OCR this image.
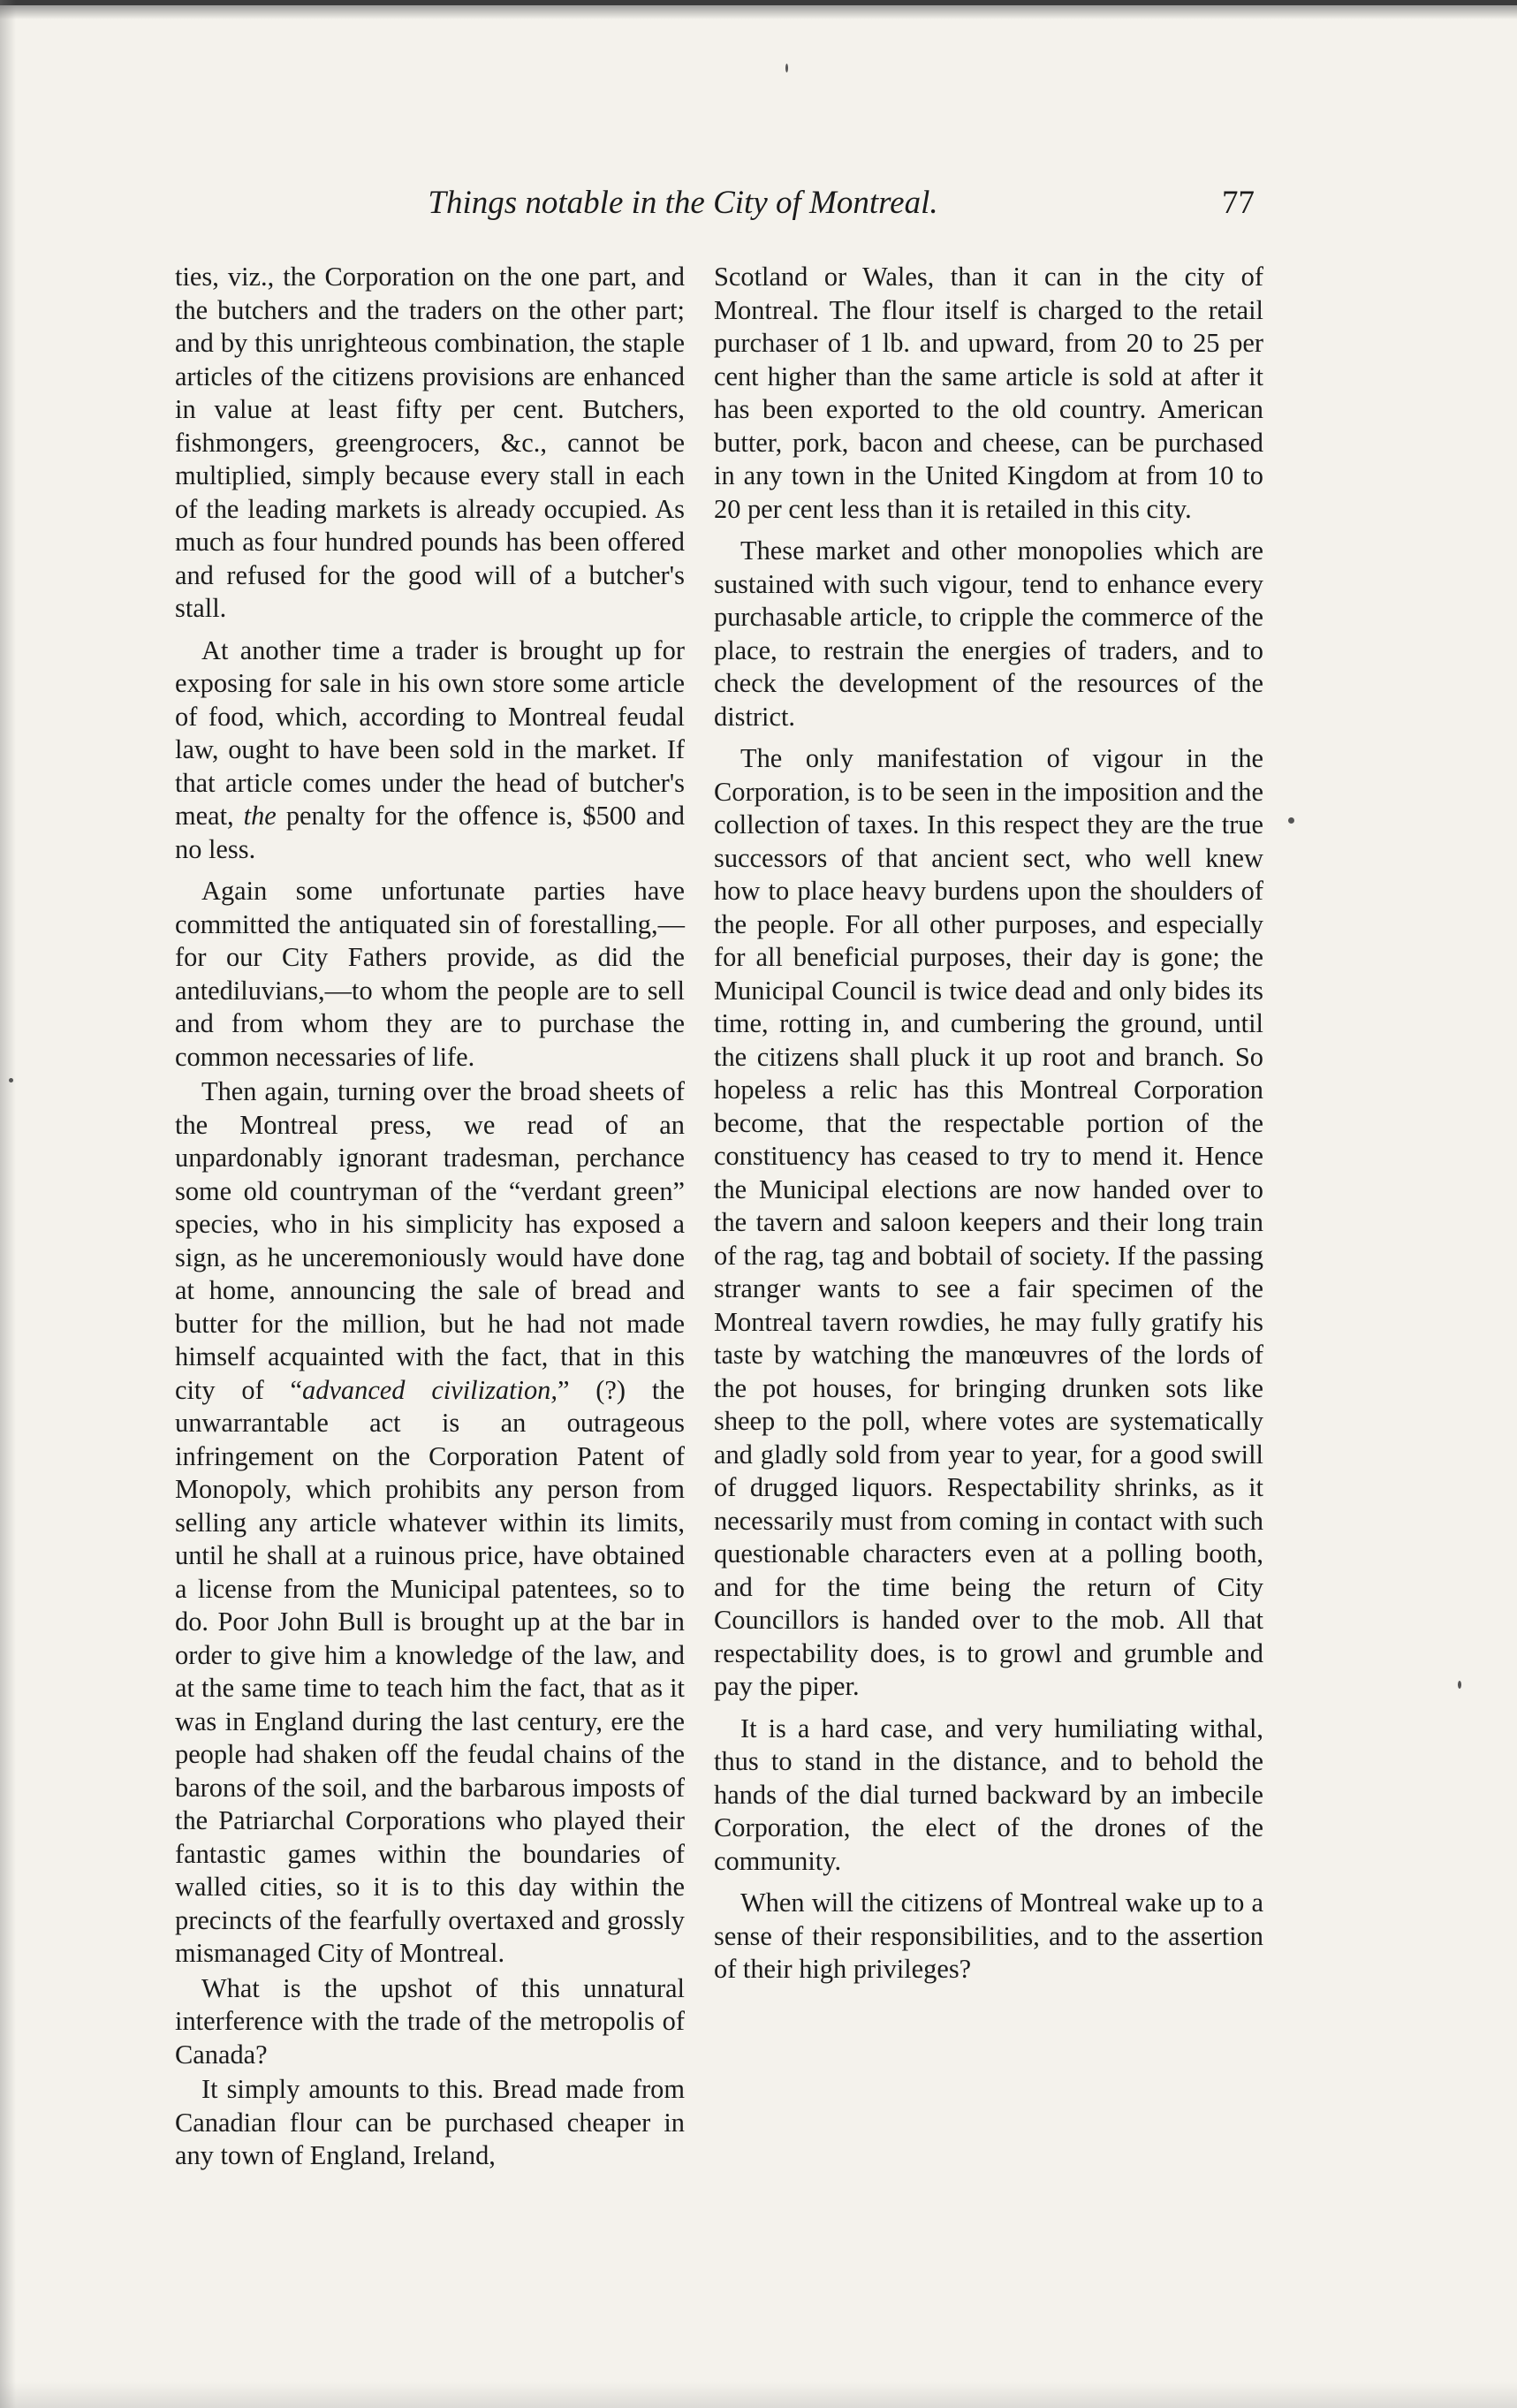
Things notable in the City of Montreal.	77

ties, viz., the Corporation on the one part, and the butchers and the traders on the other part; and by this unrighteous combination, the staple articles of the citizens provisions are enhanced in value at least fifty per cent. Butchers, fishmongers, greengrocers, &c., cannot be multiplied, simply because every stall in each of the leading markets is already occupied. As much as four hundred pounds has been offered and refused for the good will of a butcher's stall.

At another time a trader is brought up for exposing for sale in his own store some article of food, which, according to Montreal feudal law, ought to have been sold in the market. If that article comes under the head of butcher's meat, the penalty for the offence is, $500 and no less.

Again some unfortunate parties have committed the antiquated sin of forestalling,—for our City Fathers provide, as did the antediluvians,—to whom the people are to sell and from whom they are to purchase the common necessaries of life.

Then again, turning over the broad sheets of the Montreal press, we read of an unpardonably ignorant tradesman, perchance some old countryman of the “verdant green” species, who in his simplicity has exposed a sign, as he unceremoniously would have done at home, announcing the sale of bread and butter for the million, but he had not made himself acquainted with the fact, that in this city of “advanced civilization,” (?) the unwarrantable act is an outrageous infringement on the Corporation Patent of Monopoly, which prohibits any person from selling any article whatever within its limits, until he shall at a ruinous price, have obtained a license from the Municipal patentees, so to do. Poor John Bull is brought up at the bar in order to give him a knowledge of the law, and at the same time to teach him the fact, that as it was in England during the last century, ere the people had shaken off the feudal chains of the barons of the soil, and the barbarous imposts of the Patriarchal Corporations who played their fantastic games within the boundaries of walled cities, so it is to this day within the precincts of the fearfully overtaxed and grossly mismanaged City of Montreal.

What is the upshot of this unnatural interference with the trade of the metropolis of Canada?

It simply amounts to this. Bread made from Canadian flour can be purchased cheaper in any town of England, Ireland,

Scotland or Wales, than it can in the city of Montreal. The flour itself is charged to the retail purchaser of 1 lb. and upward, from 20 to 25 per cent higher than the same article is sold at after it has been exported to the old country. American butter, pork, bacon and cheese, can be purchased in any town in the United Kingdom at from 10 to 20 per cent less than it is retailed in this city.

These market and other monopolies which are sustained with such vigour, tend to enhance every purchasable article, to cripple the commerce of the place, to restrain the energies of traders, and to check the development of the resources of the district.

The only manifestation of vigour in the Corporation, is to be seen in the imposition and the collection of taxes. In this respect they are the true successors of that ancient sect, who well knew how to place heavy burdens upon the shoulders of the people. For all other purposes, and especially for all beneficial purposes, their day is gone; the Municipal Council is twice dead and only bides its time, rotting in, and cumbering the ground, until the citizens shall pluck it up root and branch. So hopeless a relic has this Montreal Corporation become, that the respectable portion of the constituency has ceased to try to mend it. Hence the Municipal elections are now handed over to the tavern and saloon keepers and their long train of the rag, tag and bobtail of society. If the passing stranger wants to see a fair specimen of the Montreal tavern rowdies, he may fully gratify his taste by watching the manœuvres of the lords of the pot houses, for bringing drunken sots like sheep to the poll, where votes are systematically and gladly sold from year to year, for a good swill of drugged liquors. Respectability shrinks, as it necessarily must from coming in contact with such questionable characters even at a polling booth, and for the time being the return of City Councillors is handed over to the mob. All that respectability does, is to growl and grumble and pay the piper.

It is a hard case, and very humiliating withal, thus to stand in the distance, and to behold the hands of the dial turned backward by an imbecile Corporation, the elect of the drones of the community.

When will the citizens of Montreal wake up to a sense of their responsibilities, and to the assertion of their high privileges?
